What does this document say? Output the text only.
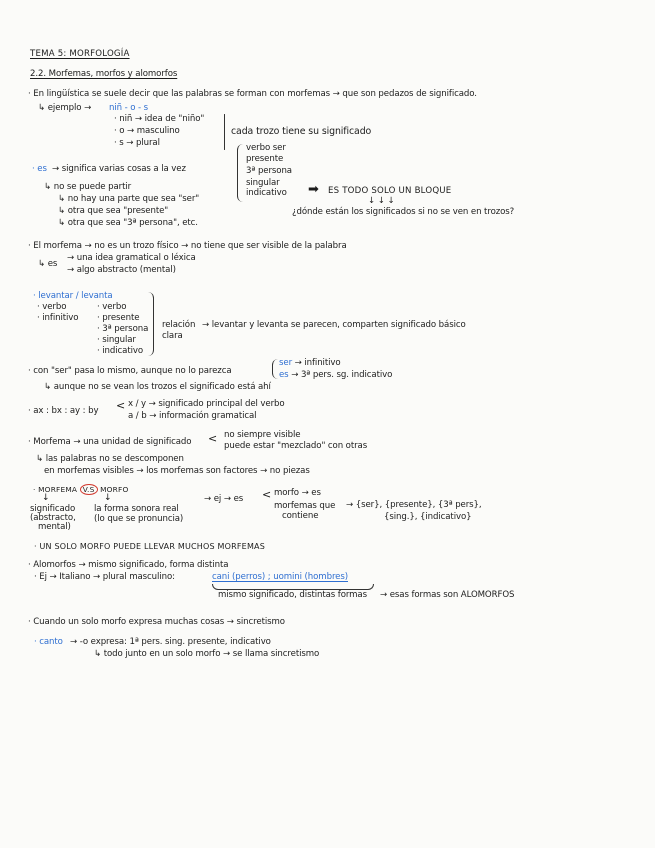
TEMA 5: MORFOLOGÍA
2.2. Morfemas, morfos y alomorfos
· En lingüística se suele decir que las palabras se forman con morfemas → que son pedazos de significado.
↳ ejemplo → niñ - o - s
· niñ → idea de "niño"
· o → masculino
· s → plural
cada trozo tiene su significado
· es → significa varias cosas a la vez
verbo ser
presente
3ª persona
singular
indicativo ➡ ES TODO SOLO UN BLOQUE
↓ ↓ ↓
¿dónde están los significados si no se ven en trozos?
↳ no se puede partir
↳ no hay una parte que sea "ser"
↳ otra que sea "presente"
↳ otra que sea "3ª persona", etc.
· El morfema → no es un trozo físico → no tiene que ser visible de la palabra
↳ es
→ una idea gramatical o léxica
→ algo abstracto (mental)
· levantar / levanta
· verbo
· infinitivo
· verbo
· presente
· 3ª persona
· singular
· indicativo
relación
clara
→ levantar y levanta se parecen, comparten significado básico
ser → infinitivo
es → 3ª pers. sg. indicativo
· con "ser" pasa lo mismo, aunque no lo parezca
↳ aunque no se vean los trozos el significado está ahí
· ax : bx : ay : by < x / y → significado principal del verbo
a / b → información gramatical
· Morfema → una unidad de significado < no siempre visible
puede estar "mezclado" con otras
↳ las palabras no se descomponen
en morfemas visibles → los morfemas son factores → no piezas
· MORFEMA V.S MORFO
↓	↓
significado
(abstracto,
mental)
la forma sonora real
(lo que se pronuncia)
→ ej → es < morfo → es
morfemas que
contiene
→ {ser}, {presente}, {3ª pers},
{sing.}, {indicativo}
· UN SOLO MORFO PUEDE LLEVAR MUCHOS MORFEMAS
· Alomorfos → mismo significado, forma distinta
· Ej → Italiano → plural masculino:	cani (perros) ; uomini (hombres)
mismo significado, distintas formas → esas formas son ALOMORFOS
· Cuando un solo morfo expresa muchas cosas → sincretismo
· canto → -o expresa: 1ª pers. sing. presente, indicativo
↳ todo junto en un solo morfo → se llama sincretismo
